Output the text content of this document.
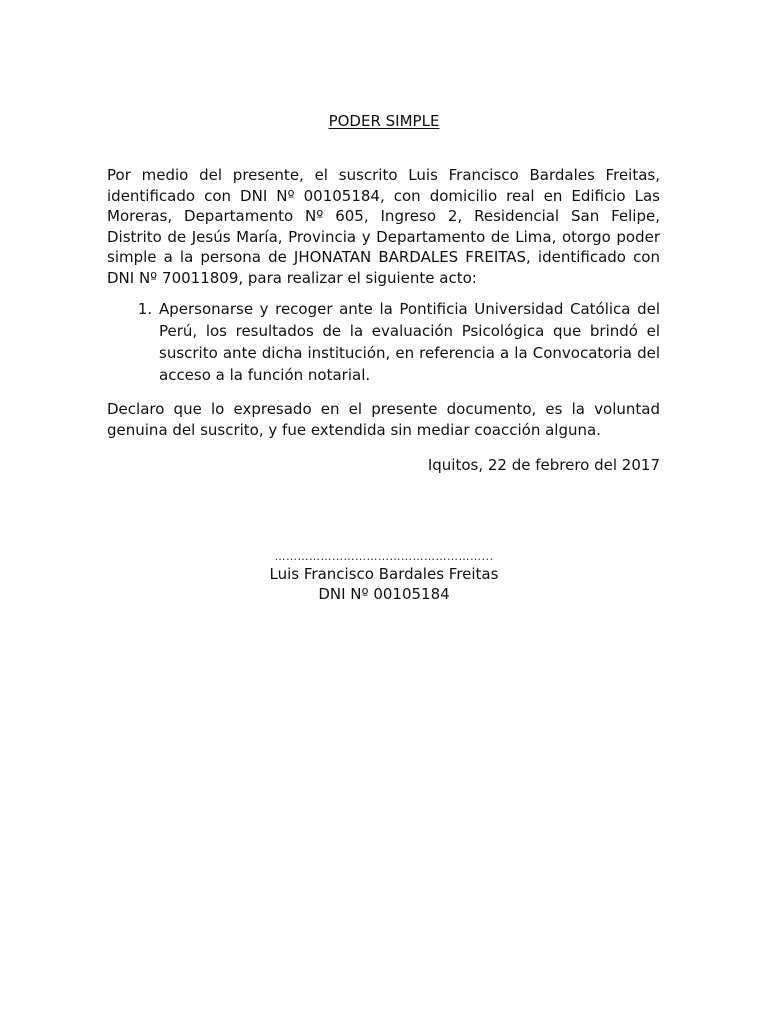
PODER SIMPLE

Por medio del presente, el suscrito Luis Francisco Bardales Freitas, identificado con DNI Nº 00105184, con domicilio real en Edificio Las Moreras, Departamento Nº 605, Ingreso 2, Residencial San Felipe, Distrito de Jesús María, Provincia y Departamento de Lima, otorgo poder simple a la persona de JHONATAN BARDALES FREITAS, identificado con DNI Nº 70011809, para realizar el siguiente acto:

1. Apersonarse y recoger ante la Pontificia Universidad Católica del Perú, los resultados de la evaluación Psicológica que brindó el suscrito ante dicha institución, en referencia a la Convocatoria del acceso a la función notarial.

Declaro que lo expresado en el presente documento, es la voluntad genuina del suscrito, y fue extendida sin mediar coacción alguna.

Iquitos, 22 de febrero del 2017
………………………………………………...
Luis Francisco Bardales Freitas
DNI Nº 00105184
